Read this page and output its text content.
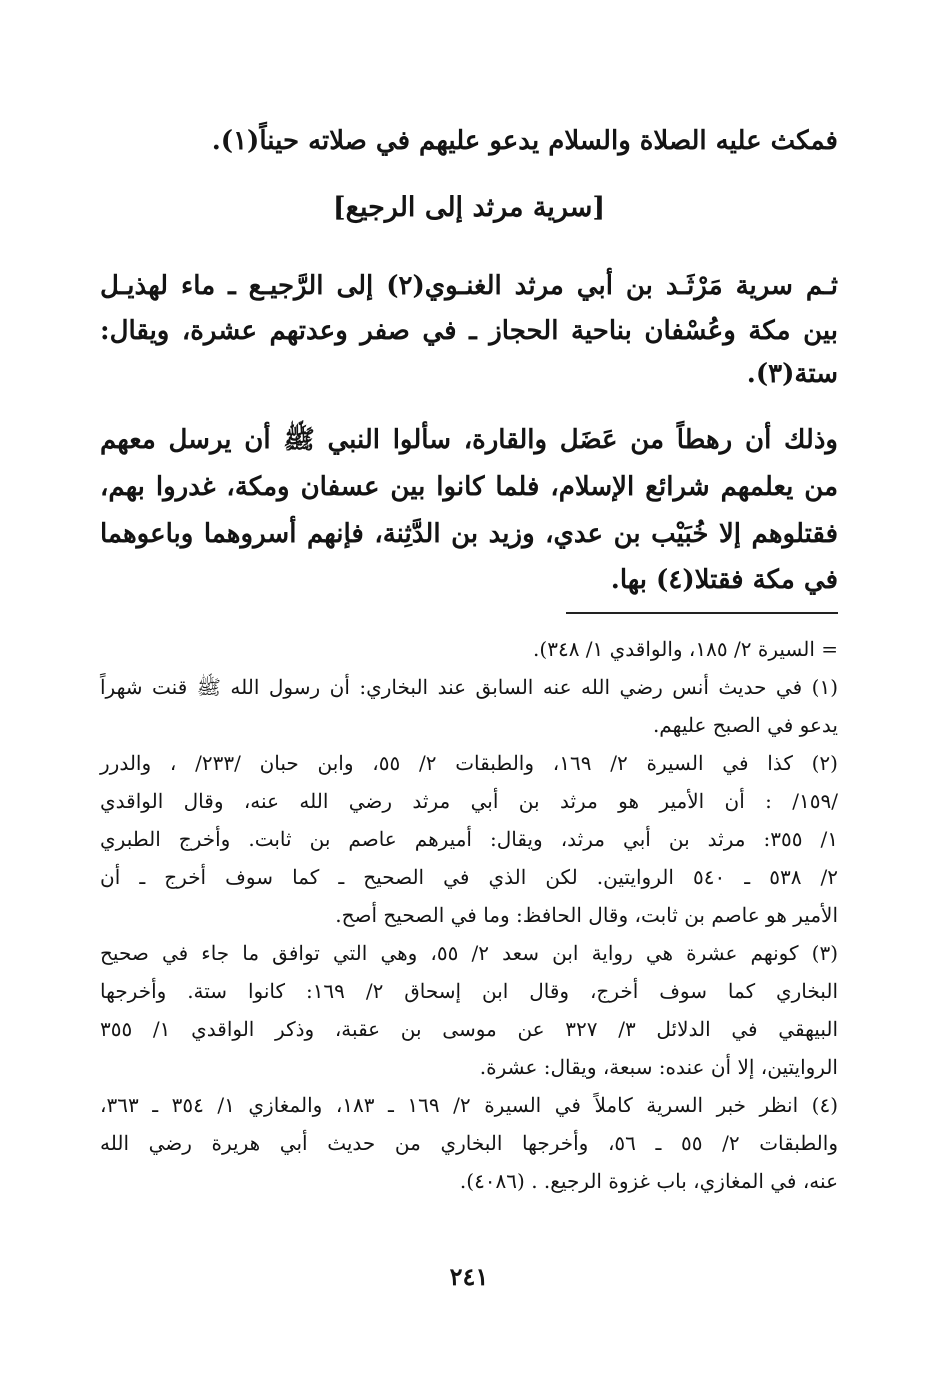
فمكث عليه الصلاة والسلام يدعو عليهم في صلاته حيناً(١).
[سرية مرثد إلى الرجيع]
ثـم سرية مَرْثَـد بن أبي مرثد الغنـوي(٢) إلى الرَّجيـع ـ ماء لهذيـل
بين مكة وعُسْفان بناحية الحجاز ـ في صفر وعدتهم عشرة، ويقال:
ستة(٣).
وذلك أن رهطاً من عَضَل والقارة، سألوا النبي ﷺ أن يرسل معهم
من يعلمهم شرائع الإسلام، فلما كانوا بين عسفان ومكة، غدروا بهم،
فقتلوهم إلا خُبَيْب بن عدي، وزيد بن الدَّثِنة، فإنهم أسروهما وباعوهما
في مكة فقتلا(٤) بها.
= السيرة ٢/ ١٨٥، والواقدي ١/ ٣٤٨).
(١) في حديث أنس رضي الله عنه السابق عند البخاري: أن رسول الله ﷺ قنت شهراً
يدعو في الصبح عليهم.
(٢) كذا في السيرة ٢/ ١٦٩، والطبقات ٢/ ٥٥، وابن حبان /٢٣٣/ ، والدرر
/١٥٩/ : أن الأمير هو مرثد بن أبي مرثد رضي الله عنه، وقال الواقدي
١/ ٣٥٥: مرثد بن أبي مرثد، ويقال: أميرهم عاصم بن ثابت. وأخرج الطبري
٢/ ٥٣٨ ـ ٥٤٠ الروايتين. لكن الذي في الصحيح ـ كما سوف أخرج ـ أن
الأمير هو عاصم بن ثابت، وقال الحافظ: وما في الصحيح أصح.
(٣) كونهم عشرة هي رواية ابن سعد ٢/ ٥٥، وهي التي توافق ما جاء في صحيح
البخاري كما سوف أخرج، وقال ابن إسحاق ٢/ ١٦٩: كانوا ستة. وأخرجها
البيهقي في الدلائل ٣/ ٣٢٧ عن موسى بن عقبة، وذكر الواقدي ١/ ٣٥٥
الروايتين، إلا أن عنده: سبعة، ويقال: عشرة.
(٤) انظر خبر السرية كاملاً في السيرة ٢/ ١٦٩ ـ ١٨٣، والمغازي ١/ ٣٥٤ ـ ٣٦٣،
والطبقات ٢/ ٥٥ ـ ٥٦، وأخرجها البخاري من حديث أبي هريرة رضي الله
عنه، في المغازي، باب غزوة الرجيع. . (٤٠٨٦).
٢٤١
